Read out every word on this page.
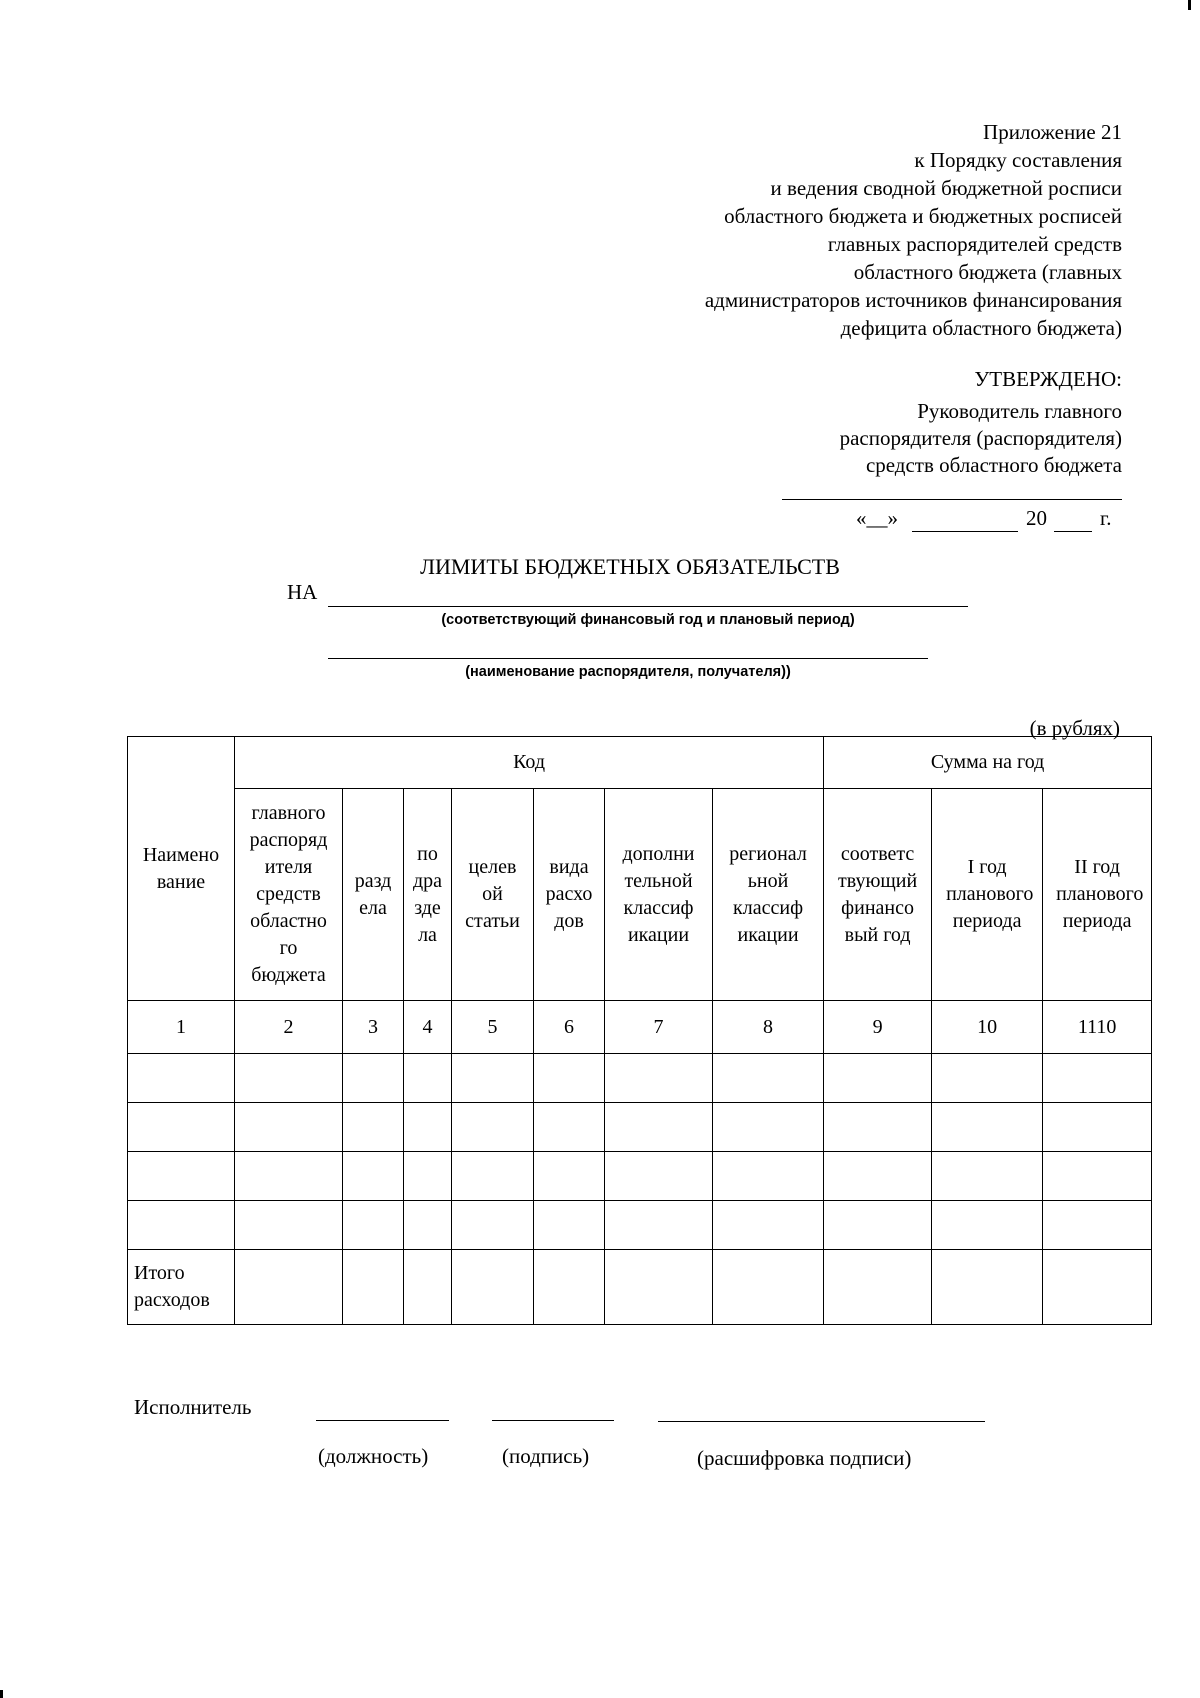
Приложение 21
к Порядку составления
и ведения сводной бюджетной росписи
областного бюджета и бюджетных росписей
главных распорядителей средств
областного бюджета (главных
администраторов источников финансирования
дефицита областного бюджета)
УТВЕРЖДЕНО:
Руководитель главного
распорядителя (распорядителя)
средств областного бюджета
«__»	20	г.
ЛИМИТЫ БЮДЖЕТНЫХ ОБЯЗАТЕЛЬСТВ
НА
(соответствующий финансовый год и плановый период)
(наименование распорядителя, получателя))
(в рублях)
Наимено вание	Код							Сумма на год		

	главного распоряд ителя средств областно го бюджета	разд ела	по дра зде ла	целев ой статьи	вида расхо дов	дополни тельной классиф икации	регионал ьной классиф икации	соответс твующий финансо вый год	I год планового периода	II год планового периода

1	2	3	4	5	6	7	8	9	10	1110

Итого расходов										

Исполнитель
(должность)	(подпись)	(расшифровка подписи)
